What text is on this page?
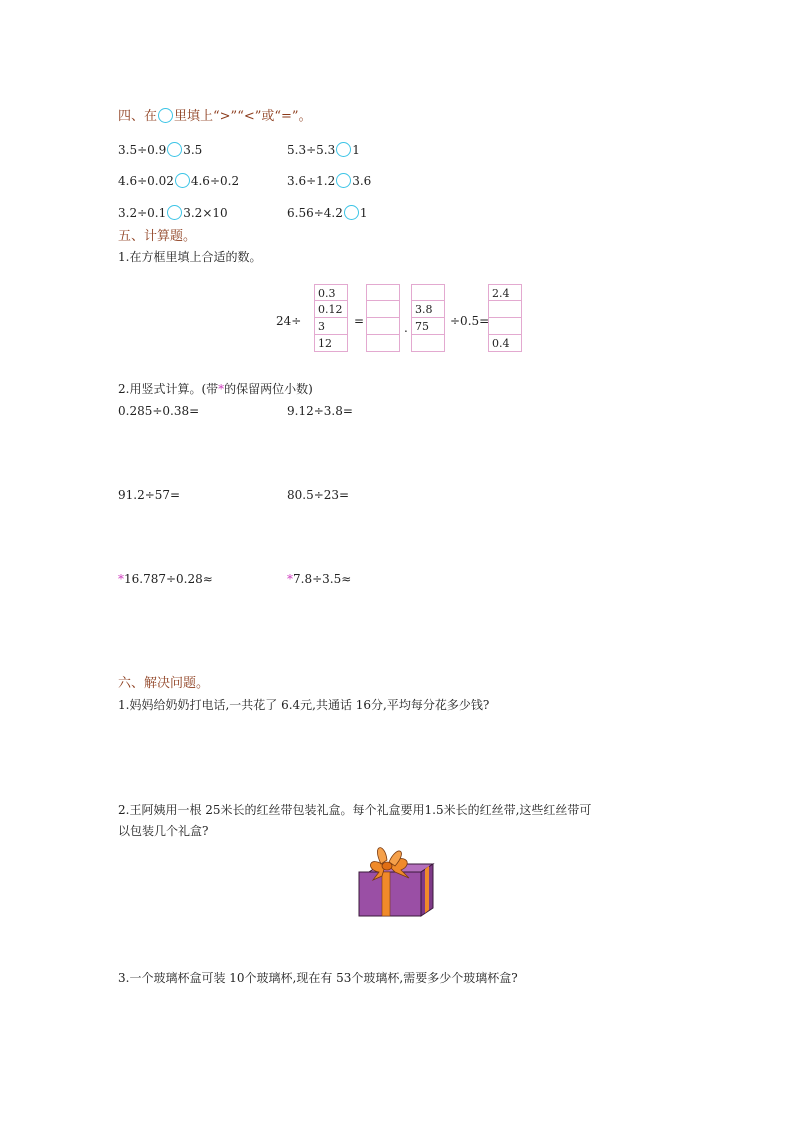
四、在 里填上“>”“<”或“=”。
3.5÷0.9 3.5	5.3÷5.3 1
4.6÷0.02 4.6÷0.2	3.6÷1.2 3.6
3.2÷0.1 3.2×10	6.56÷4.2 1
五、计算题。
1.在方框里填上合适的数。
24÷
0.3
0.12
3
12
=	.
3.8
75	÷0.5=
2.4
0.4
2.用竖式计算。(带*的保留两位小数)
0.285÷0.38=	9.12÷3.8=
91.2÷57=	80.5÷23=
*16.787÷0.28≈	*7.8÷3.5≈
六、解决问题。
1.妈妈给奶奶打电话,一共花了 6.4元,共通话 16分,平均每分花多少钱?
2.王阿姨用一根 25米长的红丝带包装礼盒。每个礼盒要用1.5米长的红丝带,这些红丝带可
以包装几个礼盒?
3.一个玻璃杯盒可装 10个玻璃杯,现在有 53个玻璃杯,需要多少个玻璃杯盒?
